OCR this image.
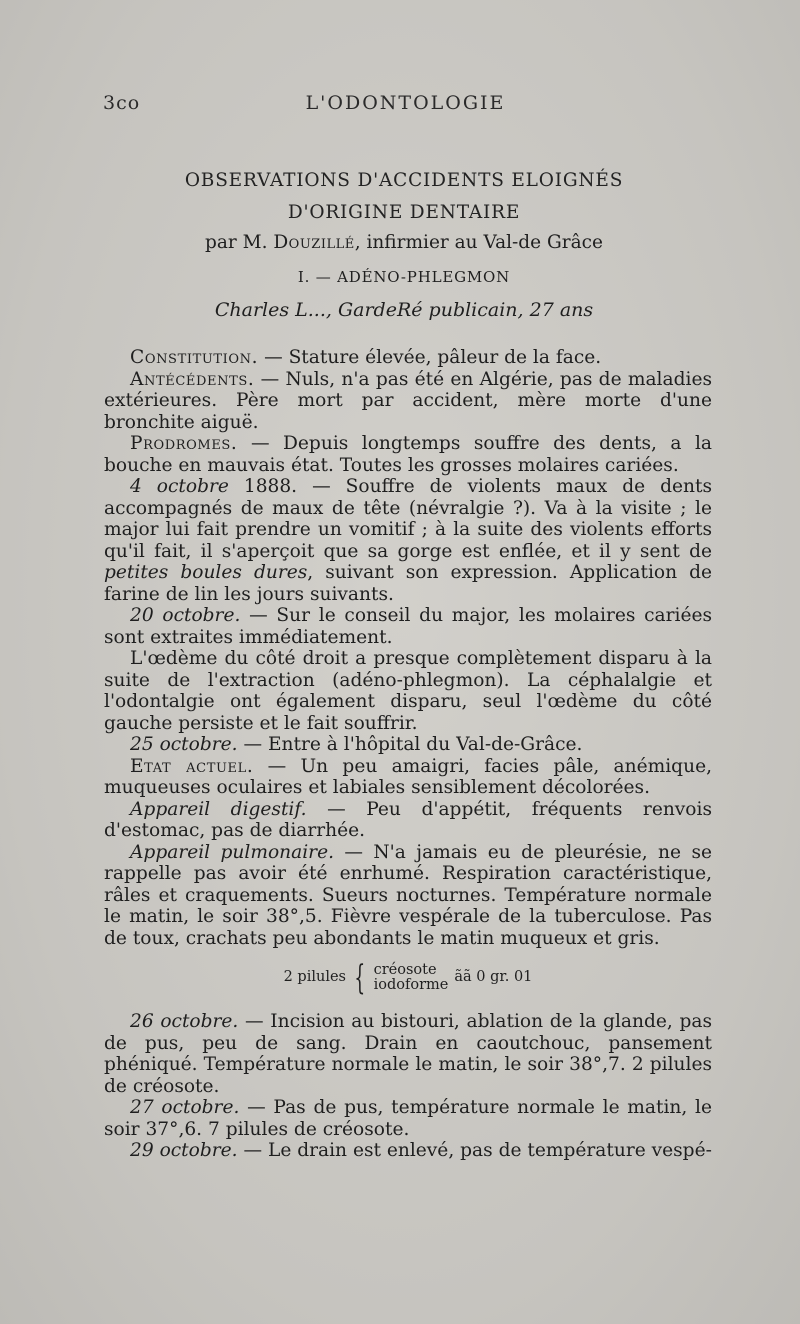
3co	L'ODONTOLOGIE
OBSERVATIONS D'ACCIDENTS ELOIGNÉS
D'ORIGINE DENTAIRE
par M. Douzillé, infirmier au Val-de Grâce
I. — ADÉNO-PHLEGMON
Charles L..., GardeRé publicain, 27 ans

Constitution. — Stature élevée, pâleur de la face.

Antécédents. — Nuls, n'a pas été en Algérie, pas de maladies extérieures. Père mort par accident, mère morte d'une bronchite aiguë.

Prodromes. — Depuis longtemps souffre des dents, a la bouche en mauvais état. Toutes les grosses molaires cariées.

4 octobre 1888. — Souffre de violents maux de dents accompagnés de maux de tête (névralgie ?). Va à la visite ; le major lui fait prendre un vomitif ; à la suite des violents efforts qu'il fait, il s'aperçoit que sa gorge est enflée, et il y sent de petites boules dures, suivant son expression. Application de farine de lin les jours suivants.

20 octobre. — Sur le conseil du major, les molaires cariées sont extraites immédiatement.

L'œdème du côté droit a presque complètement disparu à la suite de l'extraction (adéno-phlegmon). La céphalalgie et l'odontalgie ont également disparu, seul l'œdème du côté gauche persiste et le fait souffrir.

25 octobre. — Entre à l'hôpital du Val-de-Grâce.

Etat actuel. — Un peu amaigri, facies pâle, anémique, muqueuses oculaires et labiales sensiblement décolorées.

Appareil digestif. — Peu d'appétit, fréquents renvois d'estomac, pas de diarrhée.

Appareil pulmonaire. — N'a jamais eu de pleurésie, ne se rappelle pas avoir été enrhumé. Respiration caractéristique, râles et craquements. Sueurs nocturnes. Température normale le matin, le soir 38°,5. Fièvre vespérale de la tuberculose. Pas de toux, crachats peu abondants le matin muqueux et gris.

2 pilules { créosote
iodoforme ãã 0 gr. 01

26 octobre. — Incision au bistouri, ablation de la glande, pas de pus, peu de sang. Drain en caoutchouc, pansement phéniqué. Température normale le matin, le soir 38°,7. 2 pilules de créosote.

27 octobre. — Pas de pus, température normale le matin, le soir 37°,6. 7 pilules de créosote.

29 octobre. — Le drain est enlevé, pas de température vespé-
